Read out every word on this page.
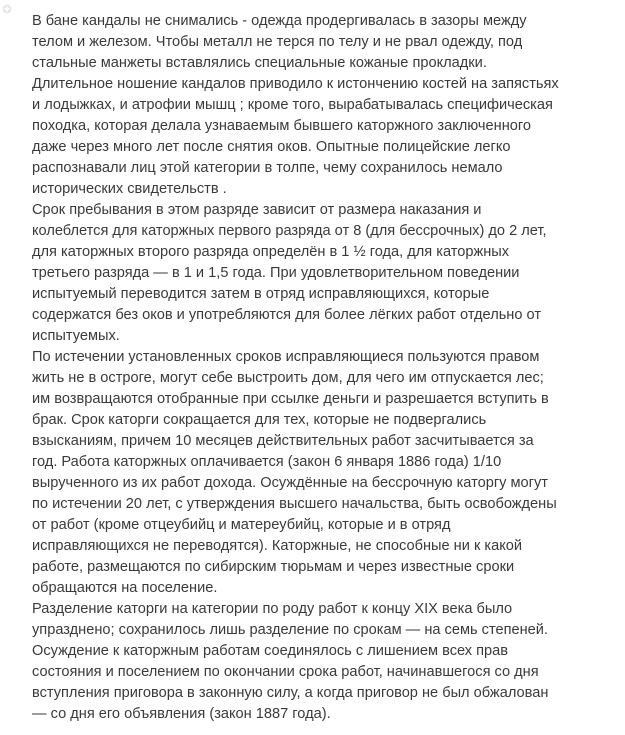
В бане кандалы не снимались - одежда продергивалась в зазоры между
телом и железом. Чтобы металл не терся по телу и не рвал одежду, под
стальные манжеты вставлялись специальные кожаные прокладки.
Длительное ношение кандалов приводило к истончению костей на запястьях
и лодыжках, и атрофии мышц ; кроме того, вырабатывалась специфическая
походка, которая делала узнаваемым бывшего каторжного заключенного
даже через много лет после снятия оков. Опытные полицейские легко
распознавали лиц этой категории в толпе, чему сохранилось немало
исторических свидетельств .
Срок пребывания в этом разряде зависит от размера наказания и
колеблется для каторжных первого разряда от 8 (для бессрочных) до 2 лет,
для каторжных второго разряда определён в 1 ½ года, для каторжных
третьего разряда — в 1 и 1,5 года. При удовлетворительном поведении
испытуемый переводится затем в отряд исправляющихся, которые
содержатся без оков и употребляются для более лёгких работ отдельно от
испытуемых.
По истечении установленных сроков исправляющиеся пользуются правом
жить не в остроге, могут себе выстроить дом, для чего им отпускается лес;
им возвращаются отобранные при ссылке деньги и разрешается вступить в
брак. Срок каторги сокращается для тех, которые не подвергались
взысканиям, причем 10 месяцев действительных работ засчитывается за
год. Работа каторжных оплачивается (закон 6 января 1886 года) 1/10
вырученного из их работ дохода. Осуждённые на бессрочную каторгу могут
по истечении 20 лет, с утверждения высшего начальства, быть освобождены
от работ (кроме отцеубийц и матереубийц, которые и в отряд
исправляющихся не переводятся). Каторжные, не способные ни к какой
работе, размещаются по сибирским тюрьмам и через известные сроки
обращаются на поселение.
Разделение каторги на категории по роду работ к концу XIX века было
упразднено; сохранилось лишь разделение по срокам — на семь степеней.
Осуждение к каторжным работам соединялось с лишением всех прав
состояния и поселением по окончании срока работ, начинавшегося со дня
вступления приговора в законную силу, а когда приговор не был обжалован
— со дня его объявления (закон 1887 года).
